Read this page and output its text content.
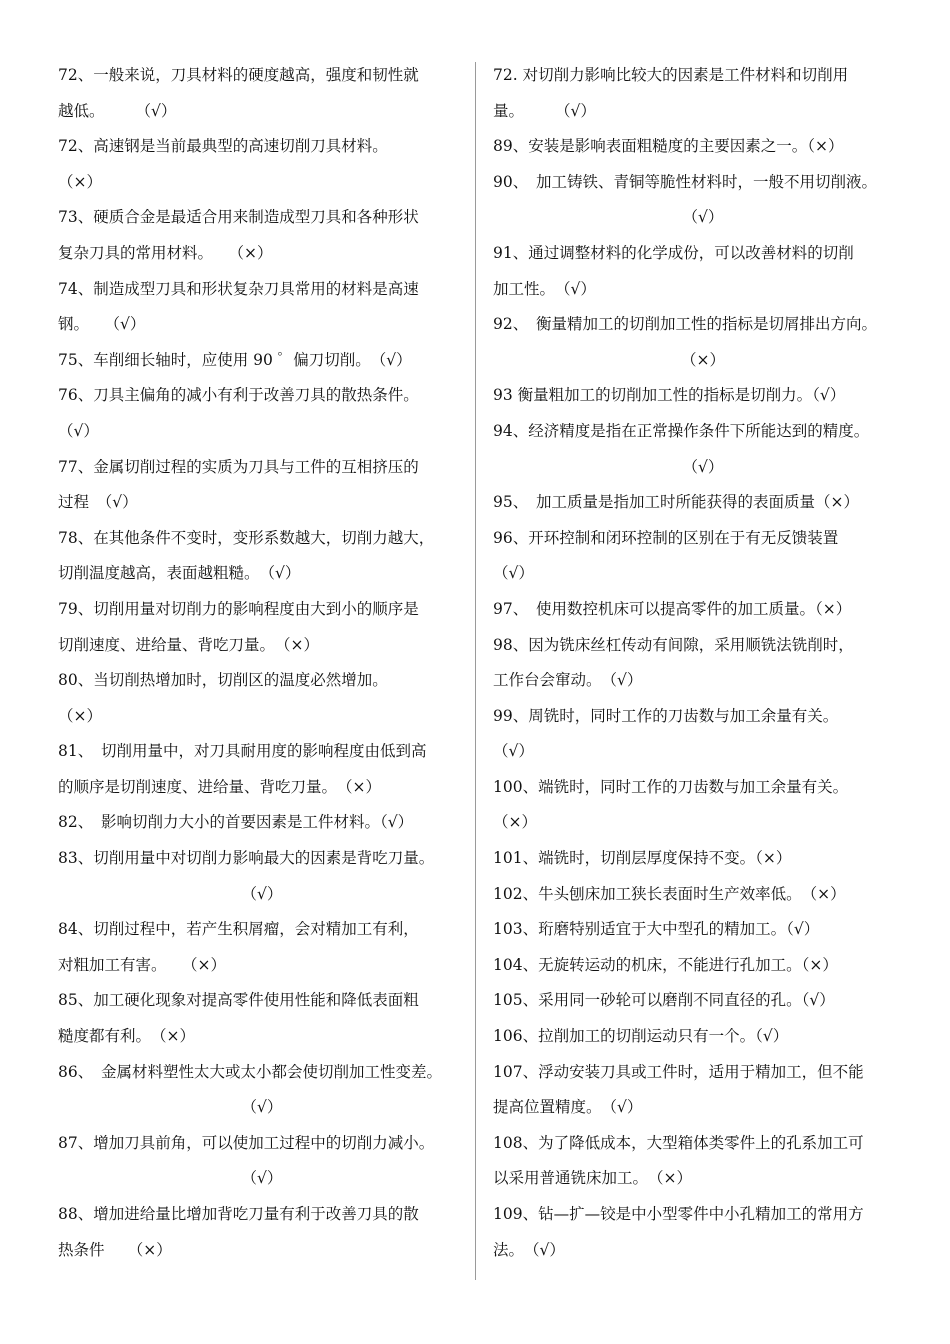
72、一般来说，刀具材料的硬度越高，强度和韧性就
越低。　　　（√）
72、高速钢是当前最典型的高速切削刀具材料。
（×）
73、硬质合金是最适合用来制造成型刀具和各种形状
复杂刀具的常用材料。　　（×）
74、制造成型刀具和形状复杂刀具常用的材料是高速
钢。　　（√）
75、车削细长轴时，应使用 90 ゜偏刀切削。　（√）
76、刀具主偏角的减小有利于改善刀具的散热条件。
（√）
77、金属切削过程的实质为刀具与工件的互相挤压的
过程　（√）
78、在其他条件不变时，变形系数越大，切削力越大，
切削温度越高，表面越粗糙。　（√）
79、切削用量对切削力的影响程度由大到小的顺序是
切削速度、进给量、背吃刀量。　（×）
80、当切削热增加时，切削区的温度必然增加。
（×）
81、　切削用量中，对刀具耐用度的影响程度由低到高
的顺序是切削速度、进给量、背吃刀量。　（×）
82、　影响切削力大小的首要因素是工件材料。（√）
83、切削用量中对切削力影响最大的因素是背吃刀量。
（√）
84、切削过程中，若产生积屑瘤，会对精加工有利，
对粗加工有害。　　（×）
85、加工硬化现象对提高零件使用性能和降低表面粗
糙度都有利。　（×）
86、　金属材料塑性太大或太小都会使切削加工性变差。
（√）
87、增加刀具前角，可以使加工过程中的切削力减小。
（√）
88、增加进给量比增加背吃刀量有利于改善刀具的散
热条件　　（×）
72. 对切削力影响比较大的因素是工件材料和切削用
量。　　　（√）
89、安装是影响表面粗糙度的主要因素之一。（×）
90、　加工铸铁、青铜等脆性材料时，一般不用切削液。
（√）
91、通过调整材料的化学成份，可以改善材料的切削
加工性。　（√）
92、　衡量精加工的切削加工性的指标是切屑排出方向。
（×）
93 衡量粗加工的切削加工性的指标是切削力。（√）
94、经济精度是指在正常操作条件下所能达到的精度。
（√）
95、　加工质量是指加工时所能获得的表面质量（×）
96、开环控制和闭环控制的区别在于有无反馈装置
（√）
97、　使用数控机床可以提高零件的加工质量。（×）
98、因为铣床丝杠传动有间隙，采用顺铣法铣削时，
工作台会窜动。　（√）
99、周铣时，同时工作的刀齿数与加工余量有关。
（√）
100、端铣时，同时工作的刀齿数与加工余量有关。
（×）
101、端铣时，切削层厚度保持不变。（×）
102、牛头刨床加工狭长表面时生产效率低。　（×）
103、珩磨特别适宜于大中型孔的精加工。（√）
104、无旋转运动的机床，不能进行孔加工。（×）
105、采用同一砂轮可以磨削不同直径的孔。（√）
106、拉削加工的切削运动只有一个。（√）
107、浮动安装刀具或工件时，适用于精加工，但不能
提高位置精度。　（√）
108、为了降低成本，大型箱体类零件上的孔系加工可
以采用普通铣床加工。　（×）
109、钻—扩—铰是中小型零件中小孔精加工的常用方
法。　（√）
